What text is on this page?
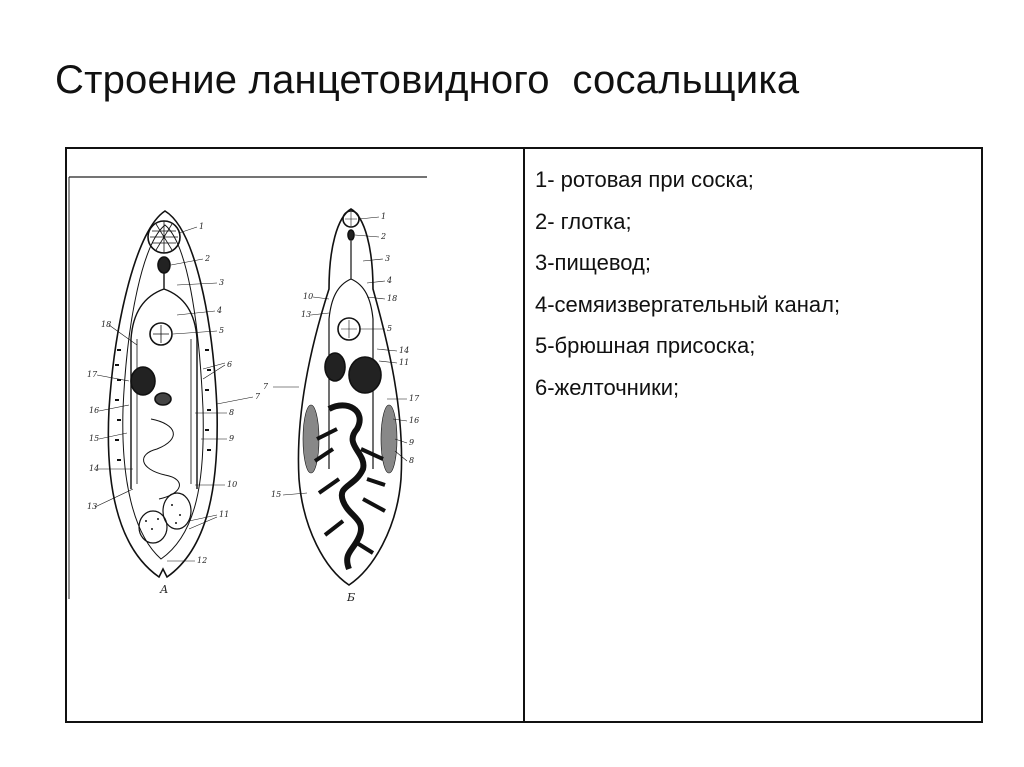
Строение ланцетовидного  сосальщика
А
Б
1
2
3
4
5
6
7
8
9
10
11
12
13
14
15
16
17
18
1
2
3
4
18
10
13
5
14
11
7
17
16
9
8
15
1- ротовая при соска;
2- глотка;
3-пищевод;
4-семяизвергательный канал;
5-брюшная присоска;
6-желточники;
